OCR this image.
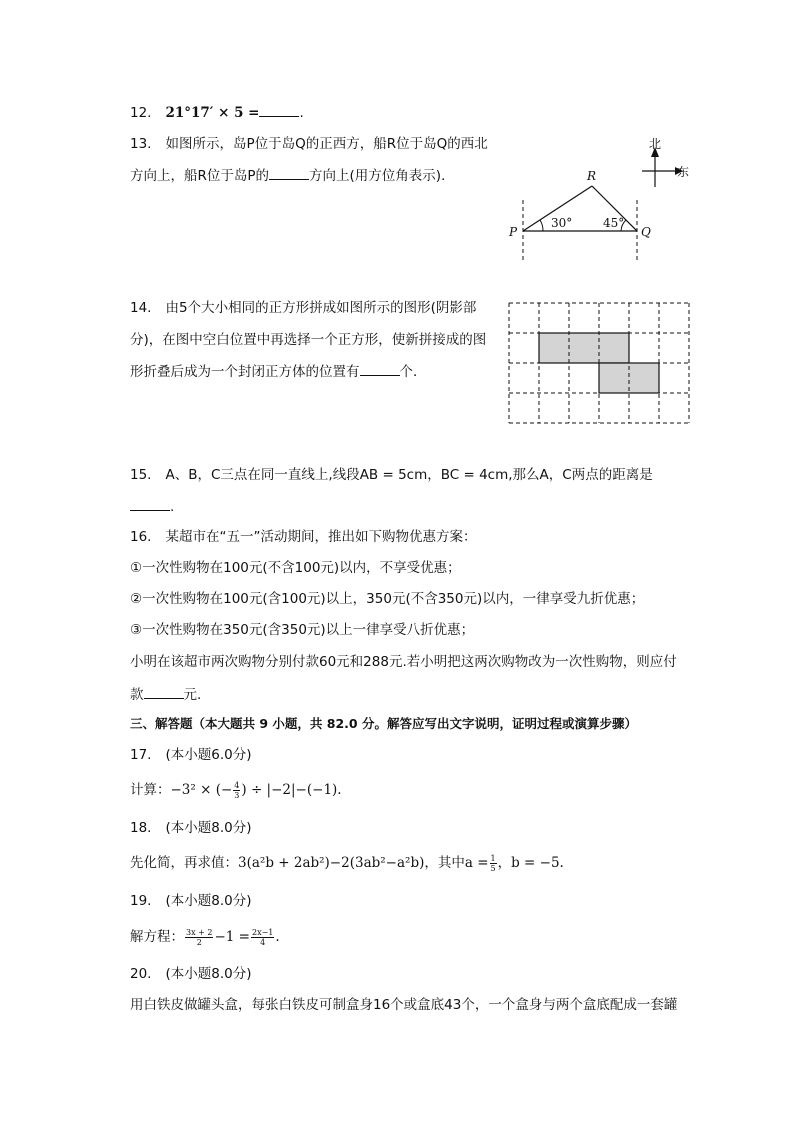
12. 21°17′ × 5 =	.
13. 如图所示，岛P位于岛Q的正西方，船R位于岛Q的西北
方向上，船R位于岛P的	方向上(用方位角表示)．
北
东
P	Q
R
30°	45°
14. 由5个大小相同的正方形拼成如图所示的图形(阴影部
分)，在图中空白位置中再选择一个正方形，使新拼接成的图
形折叠后成为一个封闭正方体的位置有	个．
15. A、B，C三点在同一直线上,线段AB = 5cm，BC = 4cm,那么A，C两点的距离是
.
16. 某超市在“五一”活动期间，推出如下购物优惠方案：
①一次性购物在100元(不含100元)以内，不享受优惠；
②一次性购物在100元(含100元)以上，350元(不含350元)以内，一律享受九折优惠；
③一次性购物在350元(含350元)以上一律享受八折优惠；
小明在该超市两次购物分别付款60元和288元.若小明把这两次购物改为一次性购物，则应付
款	元.
三、解答题（本大题共 9 小题，共 82.0 分。解答应写出文字说明，证明过程或演算步骤）
17. (本小题6.0分)
计算：−3² × (− $\frac{4}{3}$ ) ÷ |−2|−(−1).
18. (本小题8.0分)
先化简，再求值：3(a²b + 2ab²)−2(3ab²−a²b)，其中$a = \frac{1}{5}$ ，b = −5.
19. (本小题8.0分)
解方程： $\frac{3x + 2}{2} -1 = \frac{2x-1}{4}$ .
20. (本小题8.0分)
用白铁皮做罐头盒，每张白铁皮可制盒身16个或盒底43个，一个盒身与两个盒底配成一套罐
